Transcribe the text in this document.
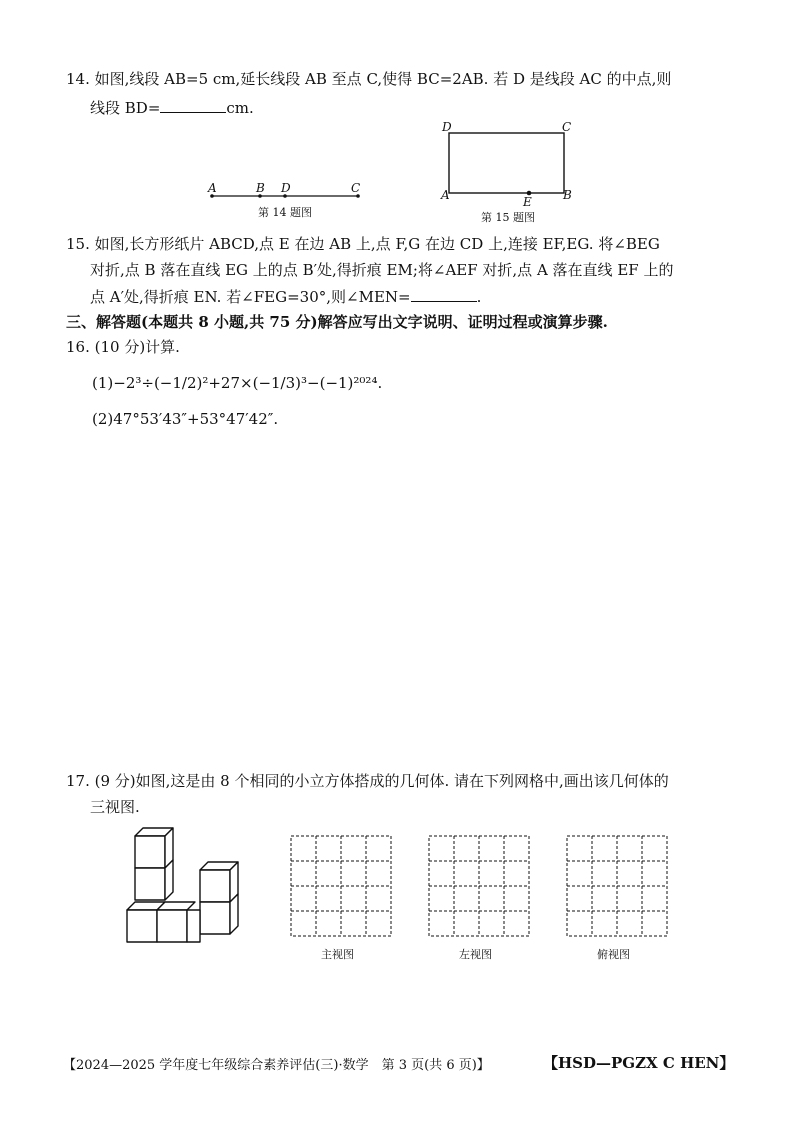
14. 如图,线段 AB=5 cm,延长线段 AB 至点 C,使得 BC=2AB. 若 D 是线段 AC 的中点,则
线段 BD=	cm.
A	B D	C
第 14 题图
D	C
A	B
E
第 15 题图
15. 如图,长方形纸片 ABCD,点 E 在边 AB 上,点 F,G 在边 CD 上,连接 EF,EG. 将∠BEG
对折,点 B 落在直线 EG 上的点 B′处,得折痕 EM;将∠AEF 对折,点 A 落在直线 EF 上的
点 A′处,得折痕 EN. 若∠FEG=30°,则∠MEN=	.
三、解答题(本题共 8 小题,共 75 分)解答应写出文字说明、证明过程或演算步骤.
16. (10 分)计算.
(1)−2³÷(−1/2)²+27×(−1/3)³−(−1)²⁰²⁴.
(2)47°53′43″+53°47′42″.
17. (9 分)如图,这是由 8 个相同的小立方体搭成的几何体. 请在下列网格中,画出该几何体的
三视图.
主视图	左视图	俯视图
【2024—2025 学年度七年级综合素养评估(三)·数学　第 3 页(共 6 页)】	【HSD—PGZX C HEN】
